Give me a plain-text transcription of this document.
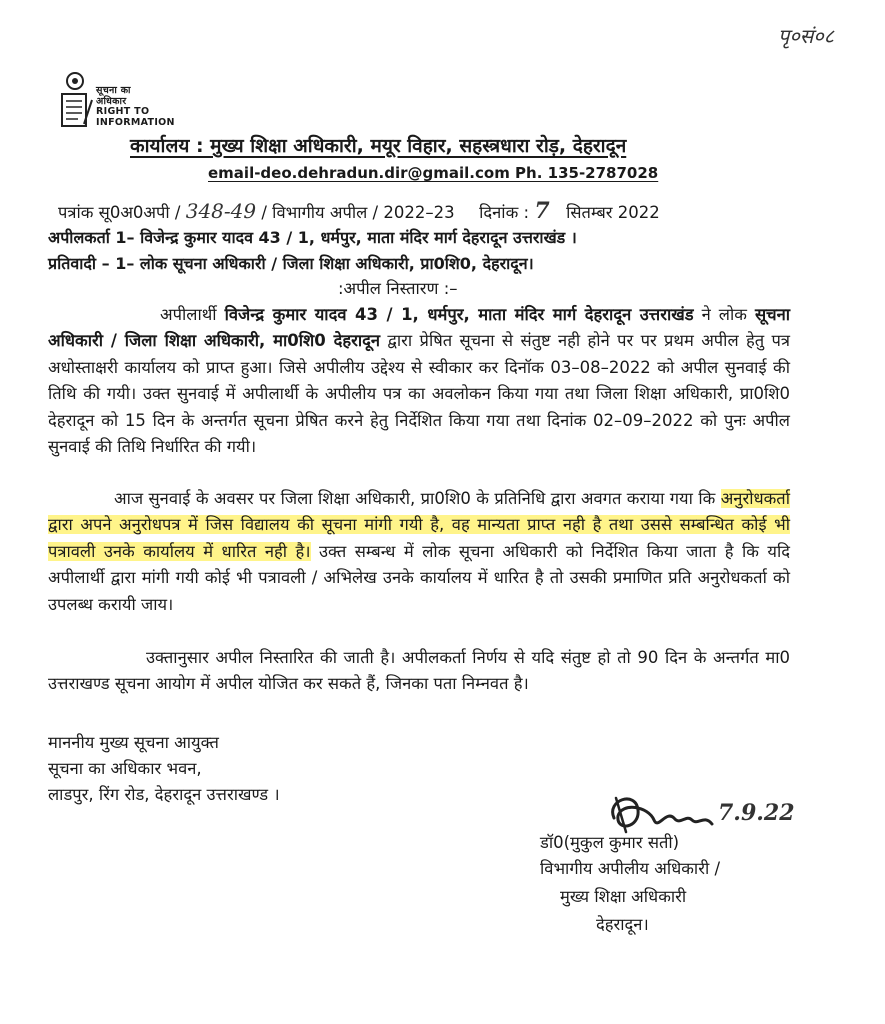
पृ०सं०८
सूचना का
अधिकार
RIGHT TO
INFORMATION
कार्यालय : मुख्य शिक्षा अधिकारी, मयूर विहार, सहस्त्रधारा रोड़, देहरादून
email-deo.dehradun.dir@gmail.com Ph. 135-2787028
पत्रांक सू0अ0अपी / 348-49 / विभागीय अपील / 2022–23 दिनांक : 7 सितम्बर 2022
अपीलकर्ता 1– विजेन्द्र कुमार यादव 43 / 1, धर्मपुर, माता मंदिर मार्ग देहरादून उत्तराखंड ।
प्रतिवादी – 1– लोक सूचना अधिकारी / जिला शिक्षा अधिकारी, प्रा0शि0, देहरादून।
:अपील निस्तारण :–
अपीलार्थी विजेन्द्र कुमार यादव 43 / 1, धर्मपुर, माता मंदिर मार्ग देहरादून उत्तराखंड ने लोक सूचना अधिकारी / जिला शिक्षा अधिकारी, मा0शि0 देहरादून द्वारा प्रेषित सूचना से संतुष्ट नही होने पर पर प्रथम अपील हेतु पत्र अधोस्ताक्षरी कार्यालय को प्राप्त हुआ। जिसे अपीलीय उद्देश्य से स्वीकार कर दिनॉक 03–08–2022 को अपील सुनवाई की तिथि की गयी। उक्त सुनवाई में अपीलार्थी के अपीलीय पत्र का अवलोकन किया गया तथा जिला शिक्षा अधिकारी, प्रा0शि0 देहरादून को 15 दिन के अन्तर्गत सूचना प्रेषित करने हेतु निर्देशित किया गया तथा दिनांक 02–09–2022 को पुनः अपील सुनवाई की तिथि निर्धारित की गयी।
आज सुनवाई के अवसर पर जिला शिक्षा अधिकारी, प्रा0शि0 के प्रतिनिधि द्वारा अवगत कराया गया कि अनुरोधकर्ता द्वारा अपने अनुरोधपत्र में जिस विद्यालय की सूचना मांगी गयी है, वह मान्यता प्राप्त नही है तथा उससे सम्बन्धित कोई भी पत्रावली उनके कार्यालय में धारित नही है। उक्त सम्बन्ध में लोक सूचना अधिकारी को निर्देशित किया जाता है कि यदि अपीलार्थी द्वारा मांगी गयी कोई भी पत्रावली / अभिलेख उनके कार्यालय में धारित है तो उसकी प्रमाणित प्रति अनुरोधकर्ता को उपलब्ध करायी जाय।
उक्तानुसार अपील निस्तारित की जाती है। अपीलकर्ता निर्णय से यदि संतुष्ट हो तो 90 दिन के अन्तर्गत मा0 उत्तराखण्ड सूचना आयोग में अपील योजित कर सकते हैं, जिनका पता निम्नवत है।
माननीय मुख्य सूचना आयुक्त
सूचना का अधिकार भवन,
लाडपुर, रिंग रोड, देहरादून उत्तराखण्ड ।
7.9.22
डॉ0(मुकुल कुमार सती)
विभागीय अपीलीय अधिकारी /
मुख्य शिक्षा अधिकारी
देहरादून।
